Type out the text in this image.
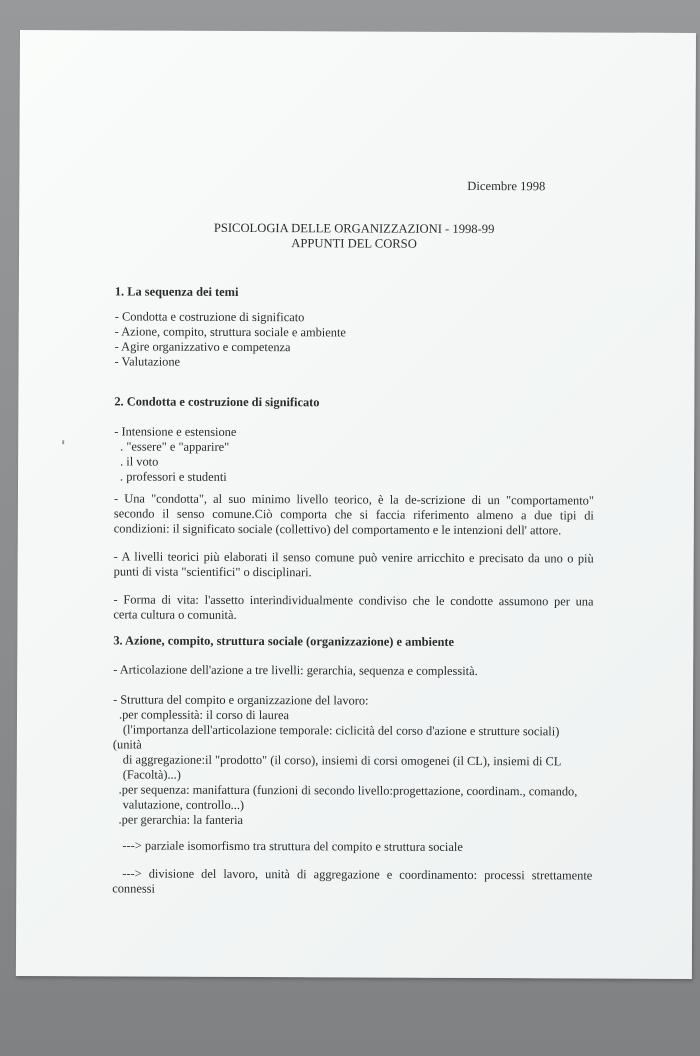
Dicembre 1998
PSICOLOGIA DELLE ORGANIZZAZIONI - 1998-99
APPUNTI DEL CORSO
1. La sequenza dei temi
- Condotta e costruzione di significato
- Azione, compito, struttura sociale e ambiente
- Agire organizzativo e competenza
- Valutazione
2. Condotta e costruzione di significato
- Intensione e estensione
. "essere" e "apparire"
. il voto
. professori e studenti
- Una "condotta", al suo minimo livello teorico, è la de-scrizione di un "comportamento"
secondo il senso comune.Ciò comporta che si faccia riferimento almeno a due tipi di
condizioni: il significato sociale (collettivo) del comportamento e le intenzioni dell' attore.
- A livelli teorici più elaborati il senso comune può venire arricchito e precisato da uno o più
punti di vista "scientifici" o disciplinari.
- Forma di vita: l'assetto interindividualmente condiviso che le condotte assumono per una
certa cultura o comunità.
3. Azione, compito, struttura sociale (organizzazione) e ambiente
- Articolazione dell'azione a tre livelli: gerarchia, sequenza e complessità.
- Struttura del compito e organizzazione del lavoro:
.per complessità: il corso di laurea
(l'importanza dell'articolazione temporale: ciclicità del corso d'azione e strutture sociali)
(unità
di aggregazione:il "prodotto" (il corso), insiemi di corsi omogenei (il CL), insiemi di CL
(Facoltà)...)
.per sequenza: manifattura (funzioni di secondo livello:progettazione, coordinam., comando,
valutazione, controllo...)
.per gerarchia: la fanteria
---> parziale isomorfismo tra struttura del compito e struttura sociale
---> divisione del lavoro, unità di aggregazione e coordinamento: processi strettamente
connessi
